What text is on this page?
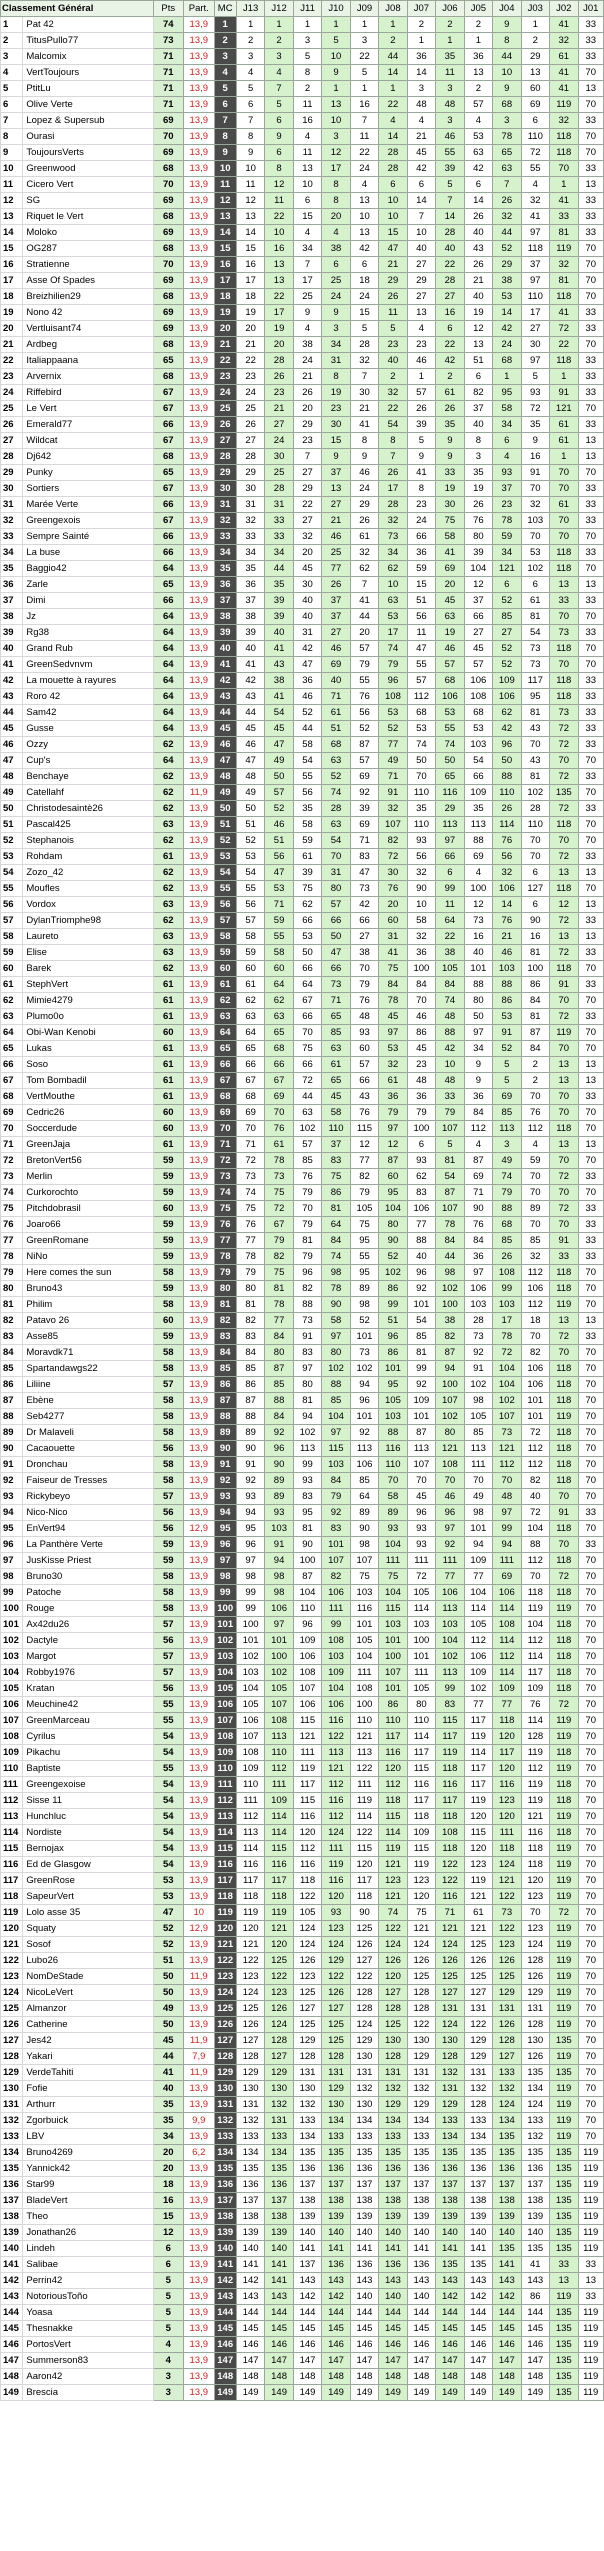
Classement Général		Pts	Part.	MC	J13	J12	J11	J10	J09	J08	J07	J06	J05	J04	J03	J02	J01
1	Pat 42	74	13,9	1	1	1	1	1	1	1	2	2	2	9	1	41	33
2	TitusPullo77	73	13,9	2	2	2	3	5	3	2	1	1	1	8	2	32	33
3	Malcomix	71	13,9	3	3	3	5	10	22	44	36	35	36	44	29	61	33
4	VertToujours	71	13,9	4	4	4	8	9	5	14	14	11	13	10	13	41	70
5	PtitLu	71	13,9	5	5	7	2	1	1	1	3	3	2	9	60	41	13
6	Olive Verte	71	13,9	6	6	5	11	13	16	22	48	48	57	68	69	119	70
7	Lopez & Supersub	69	13,9	7	7	6	16	10	7	4	4	3	4	3	6	32	33
8	Ourasi	70	13,9	8	8	9	4	3	11	14	21	46	53	78	110	118	70
9	ToujoursVerts	69	13,9	9	9	6	11	12	22	28	45	55	63	65	72	118	70
10	Greenwood	68	13,9	10	10	8	13	17	24	28	42	39	42	63	55	70	33
11	Cicero Vert	70	13,9	11	11	12	10	8	4	6	6	5	6	7	4	1	13
12	SG	69	13,9	12	12	11	6	8	13	10	14	7	14	26	32	41	33
13	Riquet le Vert	68	13,9	13	13	22	15	20	10	10	7	14	26	32	41	33	33
14	Moloko	69	13,9	14	14	10	4	4	13	15	10	28	40	44	97	81	33
15	OG287	68	13,9	15	15	16	34	38	42	47	40	40	43	52	118	119	70
16	Stratienne	70	13,9	16	16	13	7	6	6	21	27	22	26	29	37	32	70
17	Asse Of Spades	69	13,9	17	17	13	17	25	18	29	29	28	21	38	97	81	70
18	Breizhilien29	68	13,9	18	18	22	25	24	24	26	27	27	40	53	110	118	70
19	Nono 42	69	13,9	19	19	17	9	9	15	11	13	16	19	14	17	41	33
20	Vertluisant74	69	13,9	20	20	19	4	3	5	5	4	6	12	42	27	72	33
21	Ardbeg	68	13,9	21	21	20	38	34	28	23	23	22	13	24	30	22	70
22	Italiappaana	65	13,9	22	22	28	24	31	32	40	46	42	51	68	97	118	33
23	Arvernix	68	13,9	23	23	26	21	8	7	2	1	2	6	1	5	1	33
24	Riffebird	67	13,9	24	24	23	26	19	30	32	57	61	82	95	93	91	33
25	Le Vert	67	13,9	25	25	21	20	23	21	22	26	26	37	58	72	121	70
26	Emerald77	66	13,9	26	26	27	29	30	41	54	39	35	40	34	35	61	33
27	Wildcat	67	13,9	27	27	24	23	15	8	8	5	9	8	6	9	61	13
28	Dj642	68	13,9	28	28	30	7	9	9	7	9	9	3	4	16	1	13
29	Punky	65	13,9	29	29	25	27	37	46	26	41	33	35	93	91	70	70
30	Sortiers	67	13,9	30	30	28	29	13	24	17	8	19	19	37	70	70	33
31	Marée Verte	66	13,9	31	31	31	22	27	29	28	23	30	26	23	32	61	33
32	Greengexois	67	13,9	32	32	33	27	21	26	32	24	75	76	78	103	70	33
33	Sempre Sainté	66	13,9	33	33	33	32	46	61	73	66	58	80	59	70	70	70
34	La buse	66	13,9	34	34	34	20	25	32	34	36	41	39	34	53	118	33
35	Baggio42	64	13,9	35	35	44	45	77	62	62	59	69	104	121	102	118	70
36	Zarle	65	13,9	36	36	35	30	26	7	10	15	20	12	6	6	13	13
37	Dimi	66	13,9	37	37	39	40	37	41	63	51	45	37	52	61	33	33
38	Jz	64	13,9	38	38	39	40	37	44	53	56	63	66	85	81	70	70
39	Rg38	64	13,9	39	39	40	31	27	20	17	11	19	27	27	54	73	33
40	Grand Rub	64	13,9	40	40	41	42	46	57	74	47	46	45	52	73	118	70
41	GreenSedvnvm	64	13,9	41	41	43	47	69	79	79	55	57	57	52	73	70	70
42	La mouette à rayures	64	13,9	42	42	38	36	40	55	96	57	68	106	109	117	118	33
43	Roro 42	64	13,9	43	43	41	46	71	76	108	112	106	108	106	95	118	33
44	Sam42	64	13,9	44	44	54	52	61	56	53	68	53	68	62	81	73	33
45	Gusse	64	13,9	45	45	45	44	51	52	52	53	55	53	42	43	72	33
46	Ozzy	62	13,9	46	46	47	58	68	87	77	74	74	103	96	70	72	33
47	Cup's	64	13,9	47	47	49	54	63	57	49	50	50	54	50	43	70	70
48	Benchaye	62	13,9	48	48	50	55	52	69	71	70	65	66	88	81	72	33
49	Catellahf	62	11,9	49	49	57	56	74	92	91	110	116	109	110	102	135	70
50	Christodesaintè26	62	13,9	50	50	52	35	28	39	32	35	29	35	26	28	72	33
51	Pascal425	63	13,9	51	51	46	58	63	69	107	110	113	113	114	110	118	70
52	Stephanois	62	13,9	52	52	51	59	54	71	82	93	97	88	76	70	70	70
53	Rohdam	61	13,9	53	53	56	61	70	83	72	56	66	69	56	70	72	33
54	Zozo_42	62	13,9	54	54	47	39	31	47	30	32	6	4	32	6	13	13
55	Moufles	62	13,9	55	55	53	75	80	73	76	90	99	100	106	127	118	70
56	Vordox	63	13,9	56	56	71	62	57	42	20	10	11	12	14	6	12	13
57	DylanTriomphe98	62	13,9	57	57	59	66	66	66	60	58	64	73	76	90	72	33
58	Laureto	63	13,9	58	58	55	53	50	27	31	32	22	16	21	16	13	13
59	Elise	63	13,9	59	59	58	50	47	38	41	36	38	40	46	81	72	33
60	Barek	62	13,9	60	60	60	66	66	70	75	100	105	101	103	100	118	70
61	StephVert	61	13,9	61	61	64	64	73	79	84	84	84	88	88	86	91	33
62	Mimie4279	61	13,9	62	62	62	67	71	76	78	70	74	80	86	84	70	70
63	Plumo0o	61	13,9	63	63	63	66	65	48	45	46	48	50	53	81	72	33
64	Obi-Wan Kenobi	60	13,9	64	64	65	70	85	93	97	86	88	97	91	87	119	70
65	Lukas	61	13,9	65	65	68	75	63	60	53	45	42	34	52	84	70	70
66	Soso	61	13,9	66	66	66	66	61	57	32	23	10	9	5	2	13	13
67	Tom Bombadil	61	13,9	67	67	67	72	65	66	61	48	48	9	5	2	13	13
68	VertMouthe	61	13,9	68	68	69	44	45	43	36	36	33	36	69	70	70	33
69	Cedric26	60	13,9	69	69	70	63	58	76	79	79	79	84	85	76	70	70
70	Soccerdude	60	13,9	70	70	76	102	110	115	97	100	107	112	113	112	118	70
71	GreenJaja	61	13,9	71	71	61	57	37	12	12	6	5	4	3	4	13	13
72	BretonVert56	59	13,9	72	72	78	85	83	77	87	93	81	87	49	59	70	70
73	Merlin	59	13,9	73	73	73	76	75	82	60	62	54	69	74	70	72	33
74	Curkorochto	59	13,9	74	74	75	79	86	79	95	83	87	71	79	70	70	70
75	Pitchdobrasil	60	13,9	75	75	72	70	81	105	104	106	107	90	88	89	72	33
76	Joaro66	59	13,9	76	76	67	79	64	75	80	77	78	76	68	70	70	33
77	GreenRomane	59	13,9	77	77	79	81	84	95	90	88	84	84	85	85	91	33
78	NiNo	59	13,9	78	78	82	79	74	55	52	40	44	36	26	32	33	33
79	Here comes the sun	58	13,9	79	79	75	96	98	95	102	96	98	97	108	112	118	70
80	Bruno43	59	13,9	80	80	81	82	78	89	86	92	102	106	99	106	118	70
81	Philim	58	13,9	81	81	78	88	90	98	99	101	100	103	103	112	119	70
82	Patavo 26	60	13,9	82	82	77	73	58	52	51	54	38	28	17	18	13	13
83	Asse85	59	13,9	83	83	84	91	97	101	96	85	82	73	78	70	72	33
84	Moravdk71	58	13,9	84	84	80	83	80	73	86	81	87	92	72	82	70	70
85	Spartandawgs22	58	13,9	85	85	87	97	102	102	101	99	94	91	104	106	118	70
86	Liliine	57	13,9	86	86	85	80	88	94	95	92	100	102	104	106	118	70
87	Ebène	58	13,9	87	87	88	81	85	96	105	109	107	98	102	101	118	70
88	Seb4277	58	13,9	88	88	84	94	104	101	103	101	102	105	107	101	119	70
89	Dr Malaveli	58	13,9	89	89	92	102	97	92	88	87	80	85	73	72	118	70
90	Cacaouette	56	13,9	90	90	96	113	115	113	116	113	121	113	121	112	118	70
91	Dronchau	58	13,9	91	91	90	99	103	106	110	107	108	111	112	112	118	70
92	Faiseur de Tresses	58	13,9	92	92	89	93	84	85	70	70	70	70	70	82	118	70
93	Rickybeyo	57	13,9	93	93	89	83	79	64	58	45	46	49	48	40	70	70
94	Nico-Nico	56	13,9	94	94	93	95	92	89	89	96	96	98	97	72	91	33
95	EnVert94	56	12,9	95	95	103	81	83	90	93	93	97	101	99	104	118	70
96	La Panthère Verte	59	13,9	96	96	91	90	101	98	104	93	92	94	94	88	70	33
97	JusKisse Priest	59	13,9	97	97	94	100	107	107	111	111	111	109	111	112	118	70
98	Bruno30	58	13,9	98	98	98	87	82	75	75	72	77	77	69	70	72	70
99	Patoche	58	13,9	99	99	98	104	106	103	104	105	106	104	106	118	118	70
100	Rouge	58	13,9	100	99	106	110	111	116	115	114	113	114	114	119	119	70
101	Ax42du26	57	13,9	101	100	97	96	99	101	103	103	103	105	108	104	118	70
102	Dactyle	56	13,9	102	101	101	109	108	105	101	100	104	112	114	112	118	70
103	Margot	57	13,9	103	102	100	106	103	104	100	101	102	106	112	114	118	70
104	Robby1976	57	13,9	104	103	102	108	109	111	107	111	113	109	114	117	118	70
105	Kratan	56	13,9	105	104	105	107	104	108	101	105	99	102	109	109	118	70
106	Meuchine42	55	13,9	106	105	107	106	106	100	86	80	83	77	77	76	72	70
107	GreenMarceau	55	13,9	107	106	108	115	116	110	110	110	115	117	118	114	119	70
108	Cyrilus	54	13,9	108	107	113	121	122	121	117	114	117	119	120	128	119	70
109	Pikachu	54	13,9	109	108	110	111	113	113	116	117	119	114	117	119	118	70
110	Baptiste	55	13,9	110	109	112	119	121	122	120	115	118	117	120	112	119	70
111	Greengexoise	54	13,9	111	110	111	117	112	111	112	116	116	117	116	119	118	70
112	Sisse 11	54	13,9	112	111	109	115	116	119	118	117	117	119	123	119	118	70
113	Hunchluc	54	13,9	113	112	114	116	112	114	115	118	118	120	120	121	119	70
114	Nordiste	54	13,9	114	113	114	120	124	122	114	109	108	115	111	116	118	70
115	Bernojax	54	13,9	115	114	115	112	111	115	119	115	118	120	118	118	119	70
116	Ed de Glasgow	54	13,9	116	116	116	116	119	120	121	119	122	123	124	118	119	70
117	GreenRose	53	13,9	117	117	117	118	116	117	123	123	122	119	121	120	119	70
118	SapeurVert	53	13,9	118	118	118	122	120	118	121	120	116	121	122	123	119	70
119	Lolo asse 35	47	10	119	119	119	105	93	90	74	75	71	61	73	70	72	70
120	Squaty	52	12,9	120	120	121	124	123	125	122	121	121	121	122	123	119	70
121	Sosof	52	13,9	121	121	120	124	124	126	124	124	124	125	123	124	119	70
122	Lubo26	51	13,9	122	122	125	126	129	127	126	126	126	126	126	128	119	70
123	NomDeStade	50	11,9	123	123	122	123	122	122	120	125	125	125	125	126	119	70
124	NicoLeVert	50	13,9	124	124	123	125	126	128	127	128	127	127	129	129	119	70
125	Almanzor	49	13,9	125	125	126	127	127	128	128	128	131	131	131	131	119	70
126	Catherine	50	13,9	126	126	124	125	125	124	125	122	124	122	126	128	119	70
127	Jes42	45	11,9	127	127	128	129	125	129	130	130	130	129	128	130	135	70
128	Yakari	44	7,9	128	128	127	128	128	130	128	129	128	129	127	126	119	70
129	VerdeTahiti	41	11,9	129	129	129	131	131	131	131	131	132	131	133	135	135	70
130	Fofie	40	13,9	130	130	130	130	129	132	132	132	131	132	132	134	119	70
131	Arthurr	35	13,9	131	131	132	132	130	130	129	129	129	128	124	124	119	70
132	Zgorbuick	35	9,9	132	132	131	133	134	134	134	134	133	133	134	133	119	70
133	LBV	34	13,9	133	133	133	134	133	133	133	133	134	134	135	132	119	70
134	Bruno4269	20	6,2	134	134	134	135	135	135	135	135	135	135	135	135	135	119
135	Yannick42	20	13,9	135	135	135	136	136	136	136	136	136	136	136	136	135	119
136	Star99	18	13,9	136	136	136	137	137	137	137	137	137	137	137	137	135	119
137	BladeVert	16	13,9	137	137	137	138	138	138	138	138	138	138	138	138	135	119
138	Theo	15	13,9	138	138	138	139	139	139	139	139	139	139	139	139	135	119
139	Jonathan26	12	13,9	139	139	139	140	140	140	140	140	140	140	140	140	135	119
140	Lindeh	6	13,9	140	140	140	141	141	141	141	141	141	141	135	135	135	119
141	Salibae	6	13,9	141	141	141	137	136	136	136	136	135	135	141	41	33	33
142	Perrin42	5	13,9	142	142	141	143	143	143	143	143	143	143	143	143	13	13
143	NotoriousToño	5	13,9	143	143	143	142	142	140	140	140	142	142	142	86	119	33
144	Yoasa	5	13,9	144	144	144	144	144	144	144	144	144	144	144	144	135	119
145	Thesnakke	5	13,9	145	145	145	145	145	145	145	145	145	145	145	145	135	119
146	PortosVert	4	13,9	146	146	146	146	146	146	146	146	146	146	146	146	135	119
147	Summerson83	4	13,9	147	147	147	147	147	147	147	147	147	147	147	147	135	119
148	Aaron42	3	13,9	148	148	148	148	148	148	148	148	148	148	148	148	135	119
149	Brescia	3	13,9	149	149	149	149	149	149	149	149	149	149	149	149	135	119
